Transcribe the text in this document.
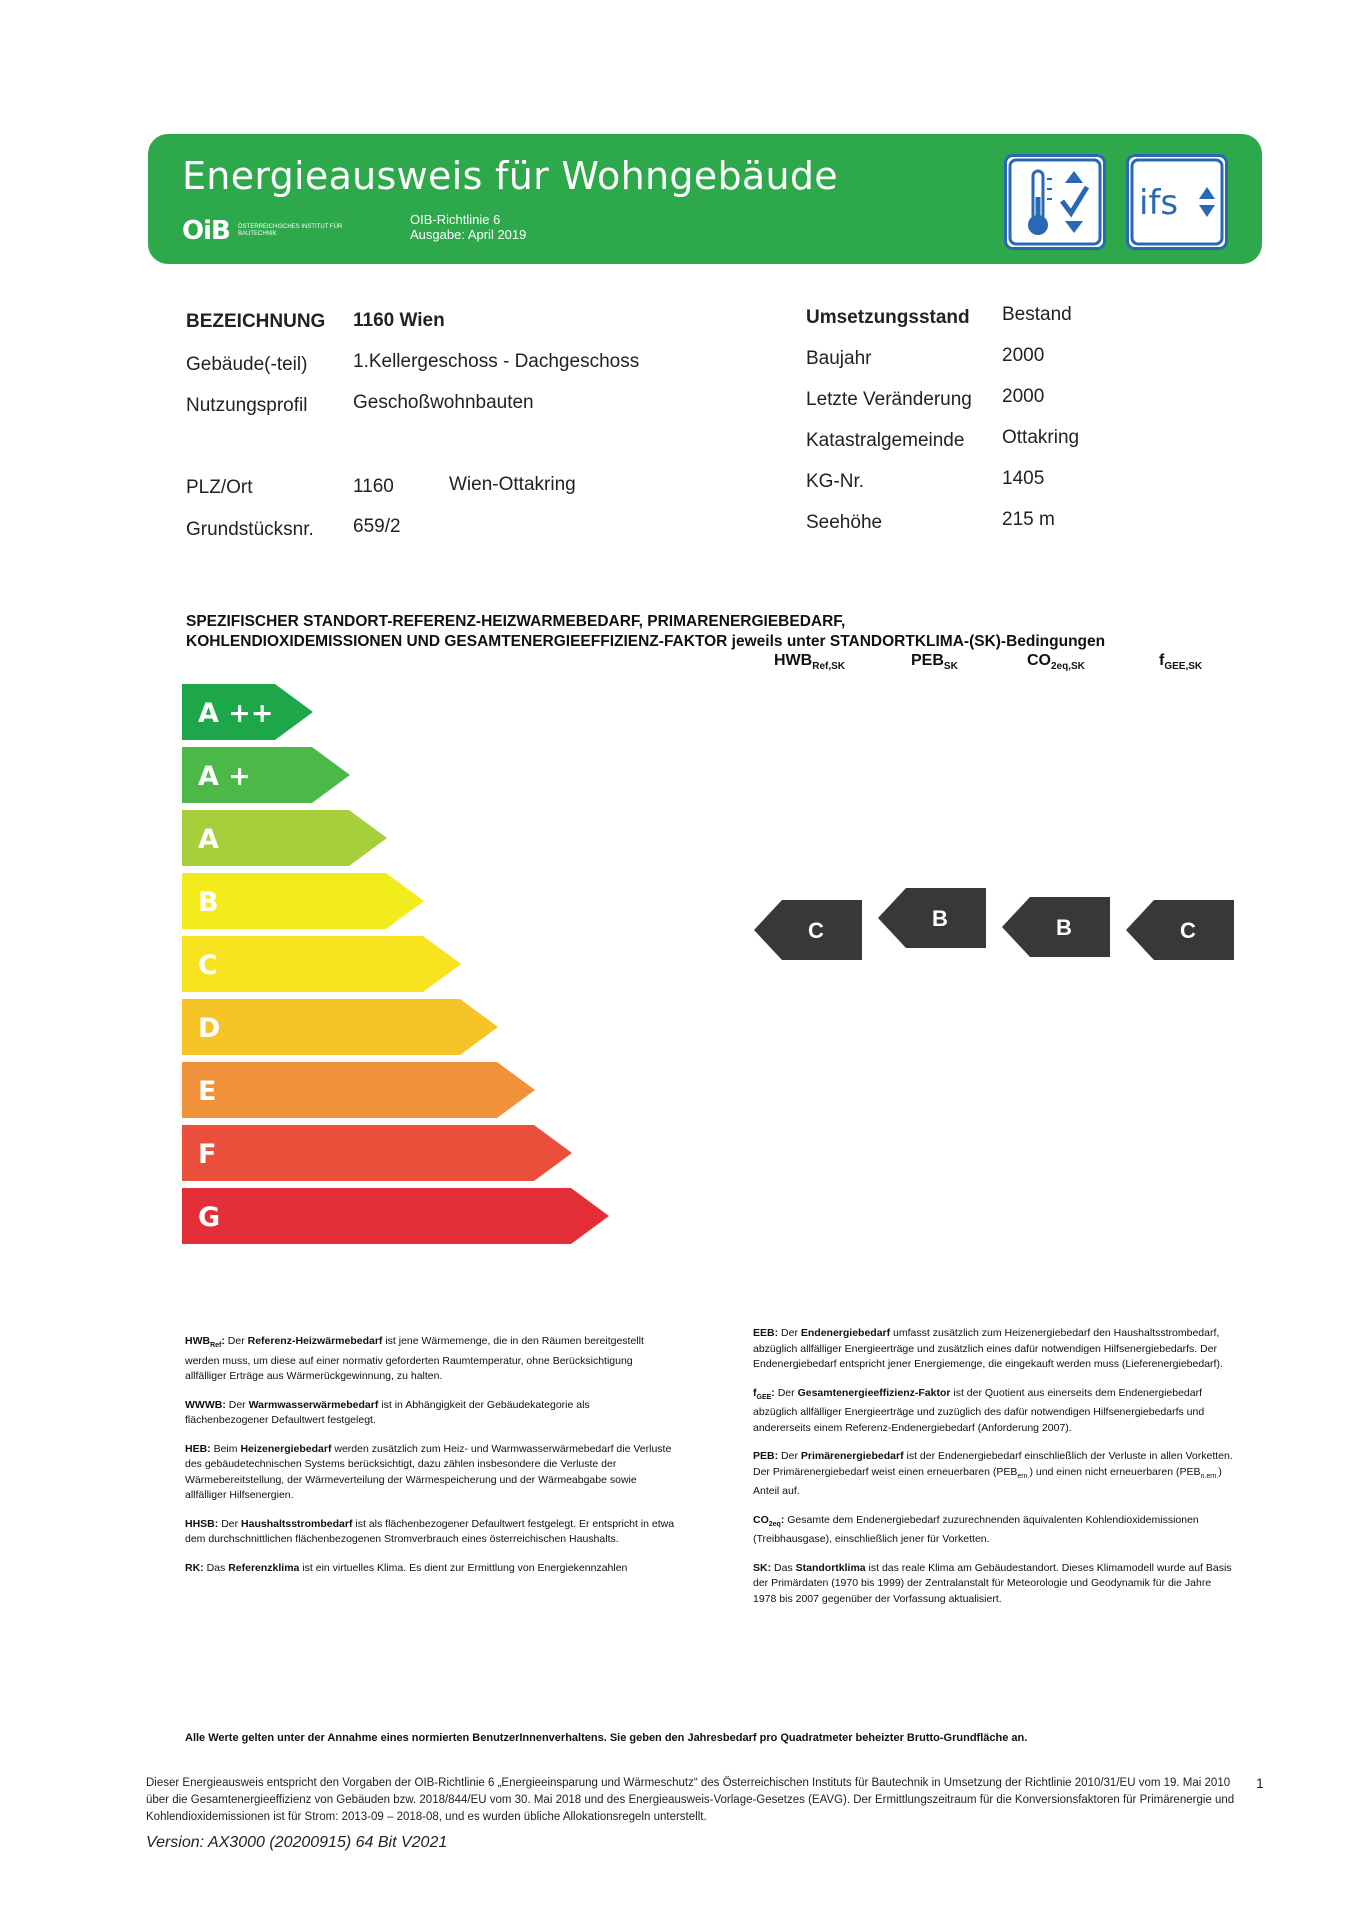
Energieausweis für Wohngebäude
OiB ÖSTERREICHISCHES INSTITUT FÜR BAUTECHNIK
OIB-Richtlinie 6
Ausgabe: April 2019
ifs
BEZEICHNUNG 1160 Wien
Gebäude(-teil) 1.Kellergeschoss - Dachgeschoss
Nutzungsprofil Geschoßwohnbauten
PLZ/Ort	1160	Wien-Ottakring
Grundstücksnr. 659/2
Umsetzungsstand Bestand
Baujahr	2000
Letzte Veränderung 2000
Katastralgemeinde Ottakring
KG-Nr.	1405
Seehöhe	215 m
SPEZIFISCHER STANDORT-REFERENZ-HEIZWARMEBEDARF, PRIMARENERGIEBEDARF,
KOHLENDIOXIDEMISSIONEN UND GESAMTENERGIEEFFIZIENZ-FAKTOR jeweils unter STANDORTKLIMA-(SK)-Bedingungen
$HWB_{Ref,SK}$	$PEB_{SK}$	$CO_{2eq,SK}$	$f_{GEE,SK}$
A ++
A +
A
B
C
D
E
F
G
C	B	B	C

$HWB_{Ref}$: Der Referenz-Heizwärmebedarf ist jene Wärmemenge, die in den Räumen bereitgestellt werden muss, um diese auf einer normativ geforderten Raumtemperatur, ohne Berücksichtigung allfälliger Erträge aus Wärmerückgewinnung, zu halten.

WWWB: Der Warmwasserwärmebedarf ist in Abhängigkeit der Gebäudekategorie als flächenbezogener Defaultwert festgelegt.

HEB: Beim Heizenergiebedarf werden zusätzlich zum Heiz- und Warmwasserwärmebedarf die Verluste des gebäudetechnischen Systems berücksichtigt, dazu zählen insbesondere die Verluste der Wärmebereitstellung, der Wärmeverteilung der Wärmespeicherung und der Wärmeabgabe sowie allfälliger Hilfsenergien.

HHSB: Der Haushaltsstrombedarf ist als flächenbezogener Defaultwert festgelegt. Er entspricht in etwa dem durchschnittlichen flächenbezogenen Stromverbrauch eines österreichischen Haushalts.

RK: Das Referenzklima ist ein virtuelles Klima. Es dient zur Ermittlung von Energiekennzahlen

EEB: Der Endenergiebedarf umfasst zusätzlich zum Heizenergiebedarf den Haushaltsstrombedarf, abzüglich allfälliger Energieerträge und zusätzlich eines dafür notwendigen Hilfsenergiebedarfs. Der Endenergiebedarf entspricht jener Energiemenge, die eingekauft werden muss (Lieferenergiebedarf).

$f_{GEE}$: Der Gesamtenergieeffizienz-Faktor ist der Quotient aus einerseits dem Endenergiebedarf abzüglich allfälliger Energieerträge und zuzüglich des dafür notwendigen Hilfsenergiebedarfs und andererseits einem Referenz-Endenergiebedarf (Anforderung 2007).

PEB: Der Primärenergiebedarf ist der Endenergiebedarf einschließlich der Verluste in allen Vorketten. Der Primärenergiebedarf weist einen erneuerbaren $(PEB_{ern.})$ und einen nicht erneuerbaren $(PEB_{n.ern.})$ Anteil auf.

$CO_{2eq}$: Gesamte dem Endenergiebedarf zuzurechnenden äquivalenten Kohlendioxidemissionen (Treibhausgase), einschließlich jener für Vorketten.

SK: Das Standortklima ist das reale Klima am Gebäudestandort. Dieses Klimamodell wurde auf Basis der Primärdaten (1970 bis 1999) der Zentralanstalt für Meteorologie und Geodynamik für die Jahre 1978 bis 2007 gegenüber der Vorfassung aktualisiert.

Alle Werte gelten unter der Annahme eines normierten BenutzerInnenverhaltens. Sie geben den Jahresbedarf pro Quadratmeter beheizter Brutto-Grundfläche an.
Dieser Energieausweis entspricht den Vorgaben der OIB-Richtlinie 6 „Energieeinsparung und Wärmeschutz“ des Österreichischen Instituts für Bautechnik in Umsetzung der Richtlinie 2010/31/EU vom 19. Mai 2010 über die Gesamtenergieeffizienz von Gebäuden bzw. 2018/844/EU vom 30. Mai 2018 und des Energieausweis-Vorlage-Gesetzes (EAVG). Der Ermittlungszeitraum für die Konversionsfaktoren für Primärenergie und Kohlendioxidemissionen ist für Strom: 2013-09 – 2018-08, und es wurden übliche Allokationsregeln unterstellt.
1
Version: AX3000 (20200915) 64 Bit V2021
